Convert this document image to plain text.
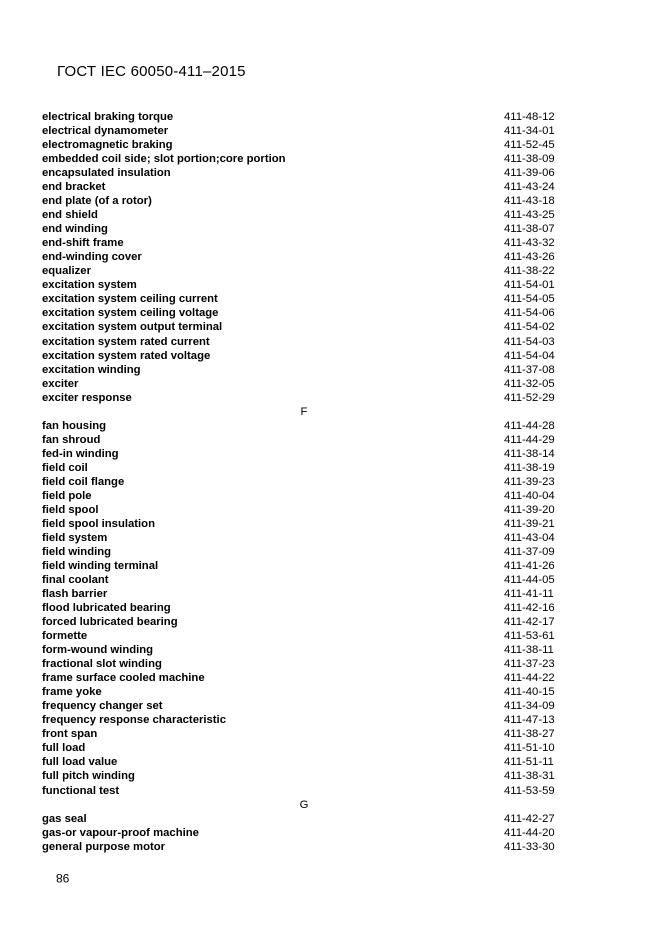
ГОСТ IEC 60050-411–2015
electrical braking torque	411-48-12
electrical dynamometer	411-34-01
electromagnetic braking	411-52-45
embedded coil side; slot portion;core portion	411-38-09
encapsulated insulation	411-39-06
end bracket	411-43-24
end plate (of a rotor)	411-43-18
end shield	411-43-25
end winding	411-38-07
end-shift frame	411-43-32
end-winding cover	411-43-26
equalizer	411-38-22
excitation system	411-54-01
excitation system ceiling current	411-54-05
excitation system ceiling voltage	411-54-06
excitation system output terminal	411-54-02
excitation system rated current	411-54-03
excitation system rated voltage	411-54-04
excitation winding	411-37-08
exciter	411-32-05
exciter response	411-52-29
F
fan housing	411-44-28
fan shroud	411-44-29
fed-in winding	411-38-14
field coil	411-38-19
field coil flange	411-39-23
field pole	411-40-04
field spool	411-39-20
field spool insulation	411-39-21
field system	411-43-04
field winding	411-37-09
field winding terminal	411-41-26
final coolant	411-44-05
flash barrier	411-41-11
flood lubricated bearing	411-42-16
forced lubricated bearing	411-42-17
formette	411-53-61
form-wound winding	411-38-11
fractional slot winding	411-37-23
frame surface cooled machine	411-44-22
frame yoke	411-40-15
frequency changer set	411-34-09
frequency response characteristic	411-47-13
front span	411-38-27
full load	411-51-10
full load value	411-51-11
full pitch winding	411-38-31
functional test	411-53-59
G
gas seal	411-42-27
gas-or vapour-proof machine	411-44-20
general purpose motor	411-33-30
98
